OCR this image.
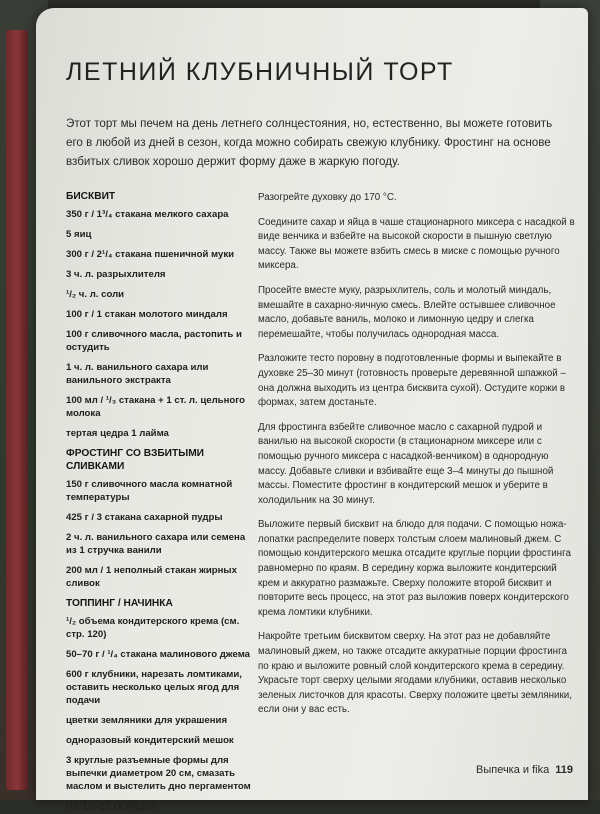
ЛЕТНИЙ КЛУБНИЧНЫЙ ТОРТ

Этот торт мы печем на день летнего солнцестояния, но, естественно, вы можете готовить его в любой из дней в сезон, когда можно собирать свежую клубнику. Фростинг на основе взбитых сливок хорошо держит форму даже в жаркую погоду.

БИСКВИТ
350 г / 1³/₄ стакана мелкого сахара
5 яиц
300 г / 2¹/₄ стакана пшеничной муки
3 ч. л. разрыхлителя
¹/₂ ч. л. соли
100 г / 1 стакан молотого миндаля
100 г сливочного масла, растопить и остудить
1 ч. л. ванильного сахара или ванильного экстракта
100 мл / ¹/₃ стакана + 1 ст. л. цельного молока
тертая цедра 1 лайма
ФРОСТИНГ СО ВЗБИТЫМИ СЛИВКАМИ
150 г сливочного масла комнатной температуры
425 г / 3 стакана сахарной пудры
2 ч. л. ванильного сахара или семена из 1 стручка ванили
200 мл / 1 неполный стакан жирных сливок
ТОППИНГ / НАЧИНКА
¹/₂ объема кондитерского крема (см. стр. 120)
50–70 г / ¹/₄ стакана малинового джема
600 г клубники, нарезать ломтиками, оставить несколько целых ягод для подачи
цветки земляники для украшения
одноразовый кондитерский мешок
3 круглые разъемные формы для выпечки диаметром 20 см, смазать маслом и выстелить дно пергаментом
НА 10–12 ПОРЦИЙ

Разогрейте духовку до 170 °С.

Соедините сахар и яйца в чаше стационарного миксера с насадкой в виде венчика и взбейте на высокой скорости в пышную светлую массу. Также вы можете взбить смесь в миске с помощью ручного миксера.

Просейте вместе муку, разрыхлитель, соль и молотый миндаль, вмешайте в сахарно-яичную смесь. Влейте остывшее сливочное масло, добавьте ваниль, молоко и лимонную цедру и слегка перемешайте, чтобы получилась однородная масса.

Разложите тесто поровну в подготовленные формы и выпекайте в духовке 25–30 минут (готовность проверьте деревянной шпажкой – она должна выходить из центра бисквита сухой). Остудите коржи в формах, затем достаньте.

Для фростинга взбейте сливочное масло с сахарной пудрой и ванилью на высокой скорости (в стационарном миксере или с помощью ручного миксера с насадкой-венчиком) в однородную массу. Добавьте сливки и взбивайте еще 3–4 минуты до пышной массы. Поместите фростинг в кондитерский мешок и уберите в холодильник на 30 минут.

Выложите первый бисквит на блюдо для подачи. С помощью ножа-лопатки распределите поверх толстым слоем малиновый джем. С помощью кондитерского мешка отсадите круглые порции фростинга равномерно по краям. В середину коржа выложите кондитерский крем и аккуратно размажьте. Сверху положите второй бисквит и повторите весь процесс, на этот раз выложив поверх кондитерского крема ломтики клубники.

Накройте третьим бисквитом сверху. На этот раз не добавляйте малиновый джем, но также отсадите аккуратные порции фростинга по краю и выложите ровный слой кондитерского крема в середину. Украсьте торт сверху целыми ягодами клубники, оставив несколько зеленых листочков для красоты. Сверху положите цветы земляники, если они у вас есть.

Выпечка и fika 119
